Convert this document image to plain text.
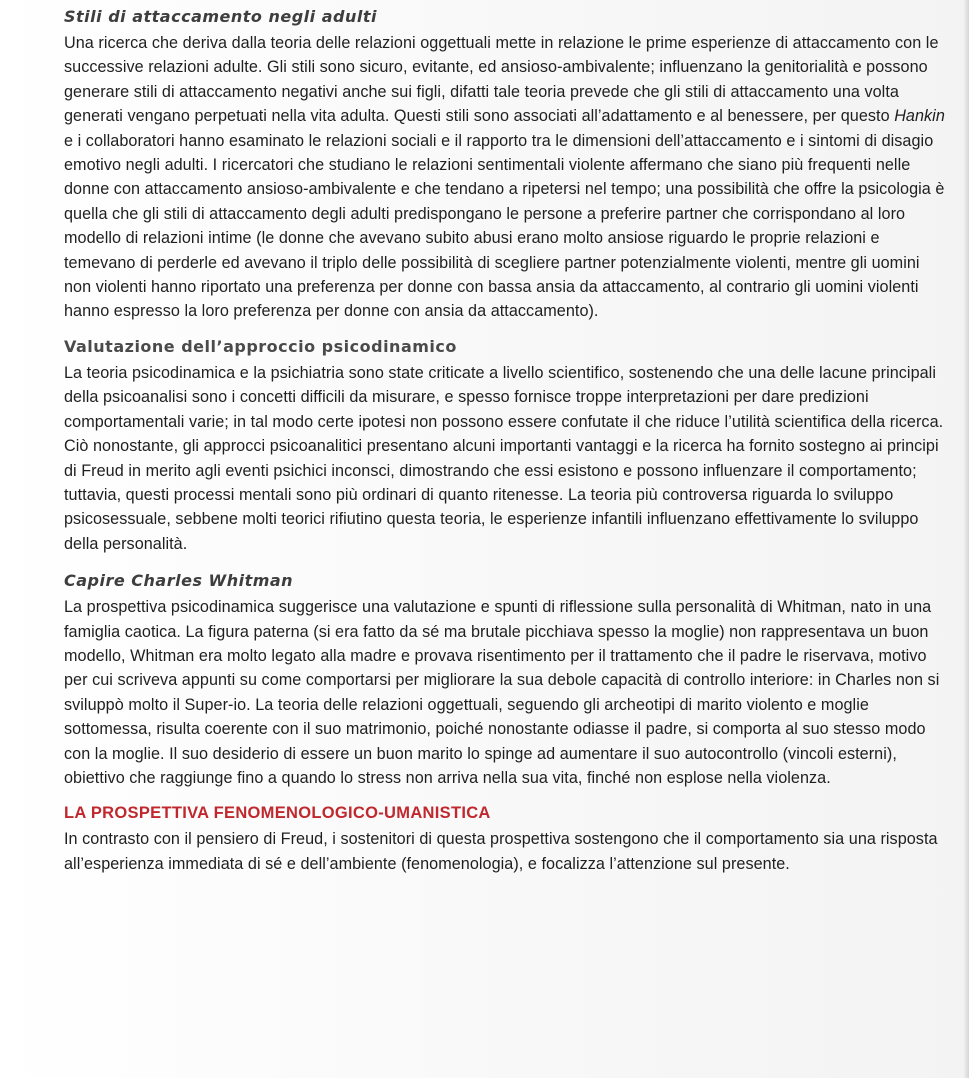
Stili di attaccamento negli adulti

Una ricerca che deriva dalla teoria delle relazioni oggettuali mette in relazione le prime esperienze di attaccamento con le successive relazioni adulte. Gli stili sono sicuro, evitante, ed ansioso-ambivalente; influenzano la genitorialità e possono generare stili di attaccamento negativi anche sui figli, difatti tale teoria prevede che gli stili di attaccamento una volta generati vengano perpetuati nella vita adulta. Questi stili sono associati all’adattamento e al benessere, per questo Hankin e i collaboratori hanno esaminato le relazioni sociali e il rapporto tra le dimensioni dell’attaccamento e i sintomi di disagio emotivo negli adulti. I ricercatori che studiano le relazioni sentimentali violente affermano che siano più frequenti nelle donne con attaccamento ansioso-ambivalente e che tendano a ripetersi nel tempo; una possibilità che offre la psicologia è quella che gli stili di attaccamento degli adulti predispongano le persone a preferire partner che corrispondano al loro modello di relazioni intime (le donne che avevano subito abusi erano molto ansiose riguardo le proprie relazioni e temevano di perderle ed avevano il triplo delle possibilità di scegliere partner potenzialmente violenti, mentre gli uomini non violenti hanno riportato una preferenza per donne con bassa ansia da attaccamento, al contrario gli uomini violenti hanno espresso la loro preferenza per donne con ansia da attaccamento).

Valutazione dell’approccio psicodinamico

La teoria psicodinamica e la psichiatria sono state criticate a livello scientifico, sostenendo che una delle lacune principali della psicoanalisi sono i concetti difficili da misurare, e spesso fornisce troppe interpretazioni per dare predizioni comportamentali varie; in tal modo certe ipotesi non possono essere confutate il che riduce l’utilità scientifica della ricerca. Ciò nonostante, gli approcci psicoanalitici presentano alcuni importanti vantaggi e la ricerca ha fornito sostegno ai principi di Freud in merito agli eventi psichici inconsci, dimostrando che essi esistono e possono influenzare il comportamento; tuttavia, questi processi mentali sono più ordinari di quanto ritenesse. La teoria più controversa riguarda lo sviluppo psicosessuale, sebbene molti teorici rifiutino questa teoria, le esperienze infantili influenzano effettivamente lo sviluppo della personalità.

Capire Charles Whitman

La prospettiva psicodinamica suggerisce una valutazione e spunti di riflessione sulla personalità di Whitman, nato in una famiglia caotica. La figura paterna (si era fatto da sé ma brutale picchiava spesso la moglie) non rappresentava un buon modello, Whitman era molto legato alla madre e provava risentimento per il trattamento che il padre le riservava, motivo per cui scriveva appunti su come comportarsi per migliorare la sua debole capacità di controllo interiore: in Charles non si sviluppò molto il Super-io. La teoria delle relazioni oggettuali, seguendo gli archeotipi di marito violento e moglie sottomessa, risulta coerente con il suo matrimonio, poiché nonostante odiasse il padre, si comporta al suo stesso modo con la moglie. Il suo desiderio di essere un buon marito lo spinge ad aumentare il suo autocontrollo (vincoli esterni), obiettivo che raggiunge fino a quando lo stress non arriva nella sua vita, finché non esplose nella violenza.

LA PROSPETTIVA FENOMENOLOGICO-UMANISTICA

In contrasto con il pensiero di Freud, i sostenitori di questa prospettiva sostengono che il comportamento sia una risposta all’esperienza immediata di sé e dell’ambiente (fenomenologia), e focalizza l’attenzione sul presente.
